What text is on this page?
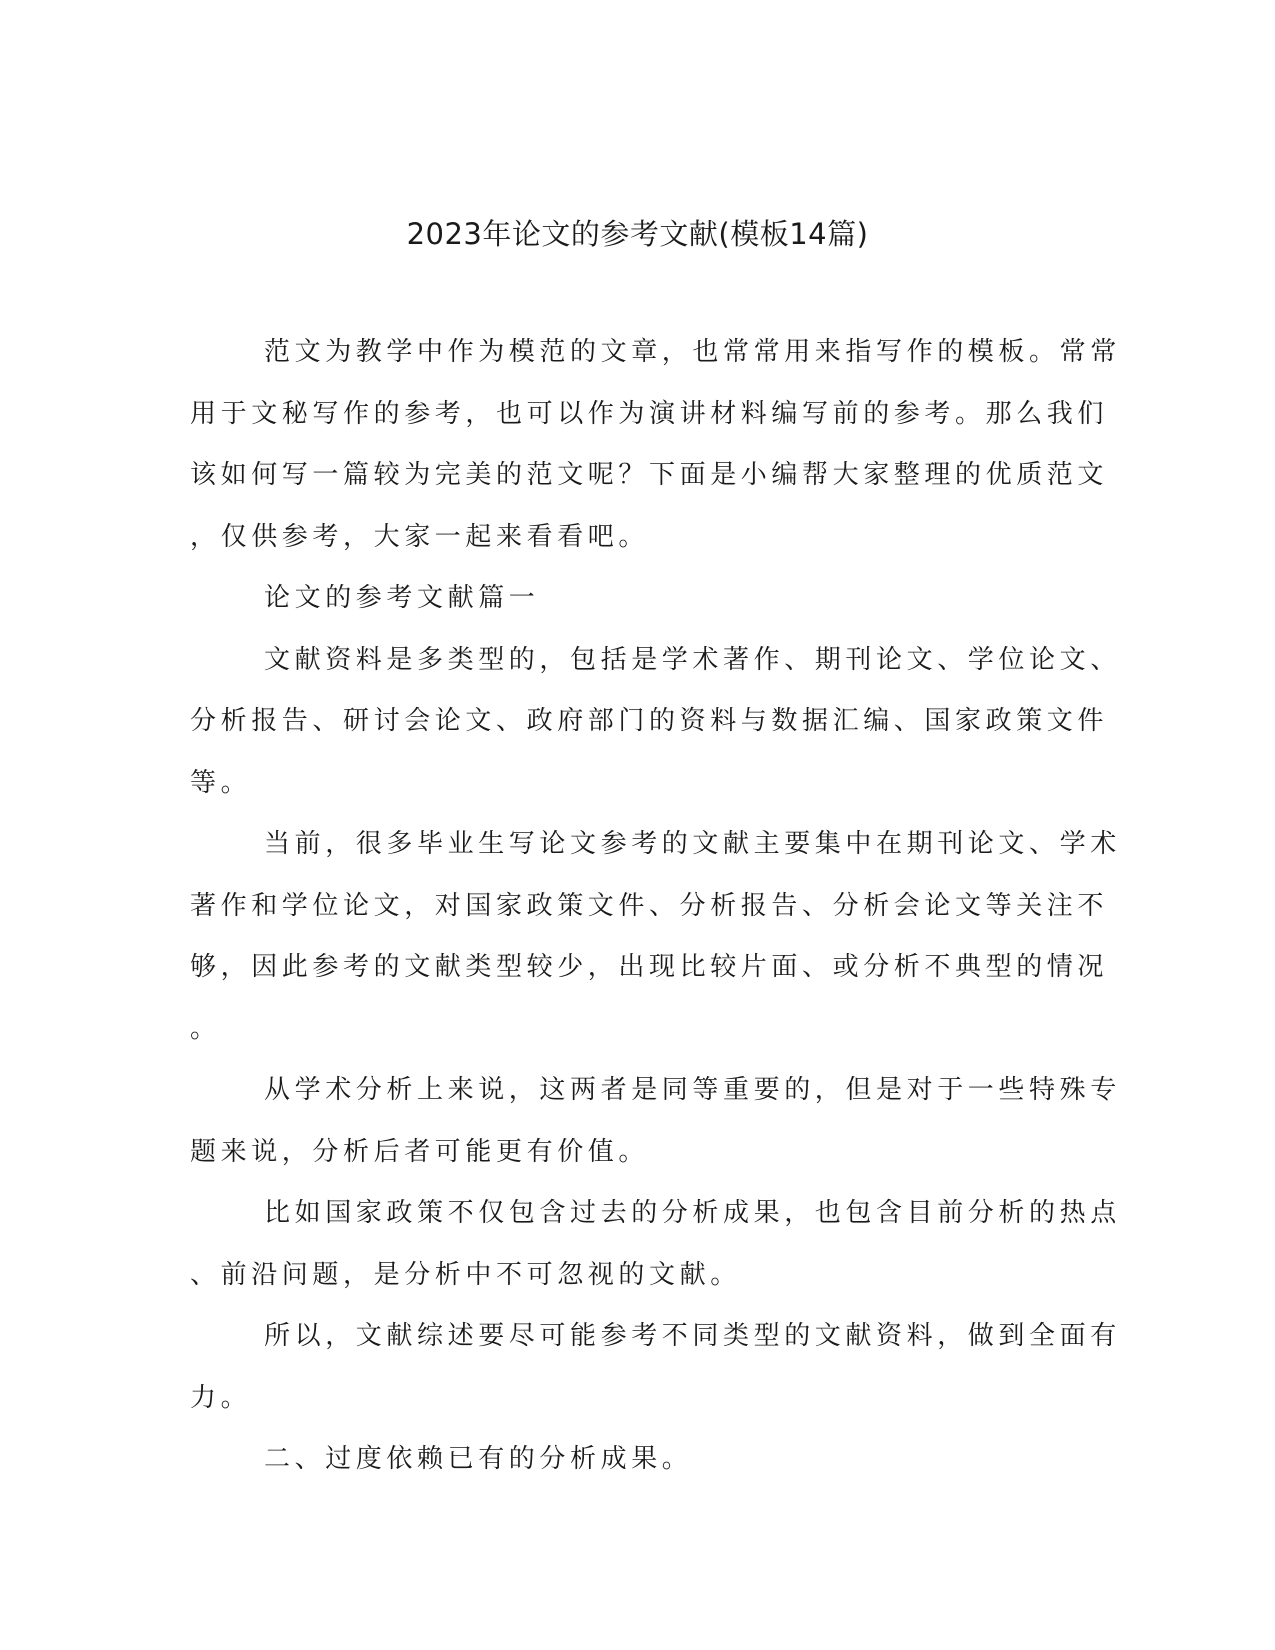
2023年论文的参考文献(模板14篇)
范文为教学中作为模范的文章，也常常用来指写作的模板。常常
用于文秘写作的参考，也可以作为演讲材料编写前的参考。那么我们
该如何写一篇较为完美的范文呢？下面是小编帮大家整理的优质范文
，仅供参考，大家一起来看看吧。
论文的参考文献篇一
文献资料是多类型的，包括是学术著作、期刊论文、学位论文、
分析报告、研讨会论文、政府部门的资料与数据汇编、国家政策文件
等。
当前，很多毕业生写论文参考的文献主要集中在期刊论文、学术
著作和学位论文，对国家政策文件、分析报告、分析会论文等关注不
够，因此参考的文献类型较少，出现比较片面、或分析不典型的情况
。
从学术分析上来说，这两者是同等重要的，但是对于一些特殊专
题来说，分析后者可能更有价值。
比如国家政策不仅包含过去的分析成果，也包含目前分析的热点
、前沿问题，是分析中不可忽视的文献。
所以，文献综述要尽可能参考不同类型的文献资料，做到全面有
力。
二、过度依赖已有的分析成果。
